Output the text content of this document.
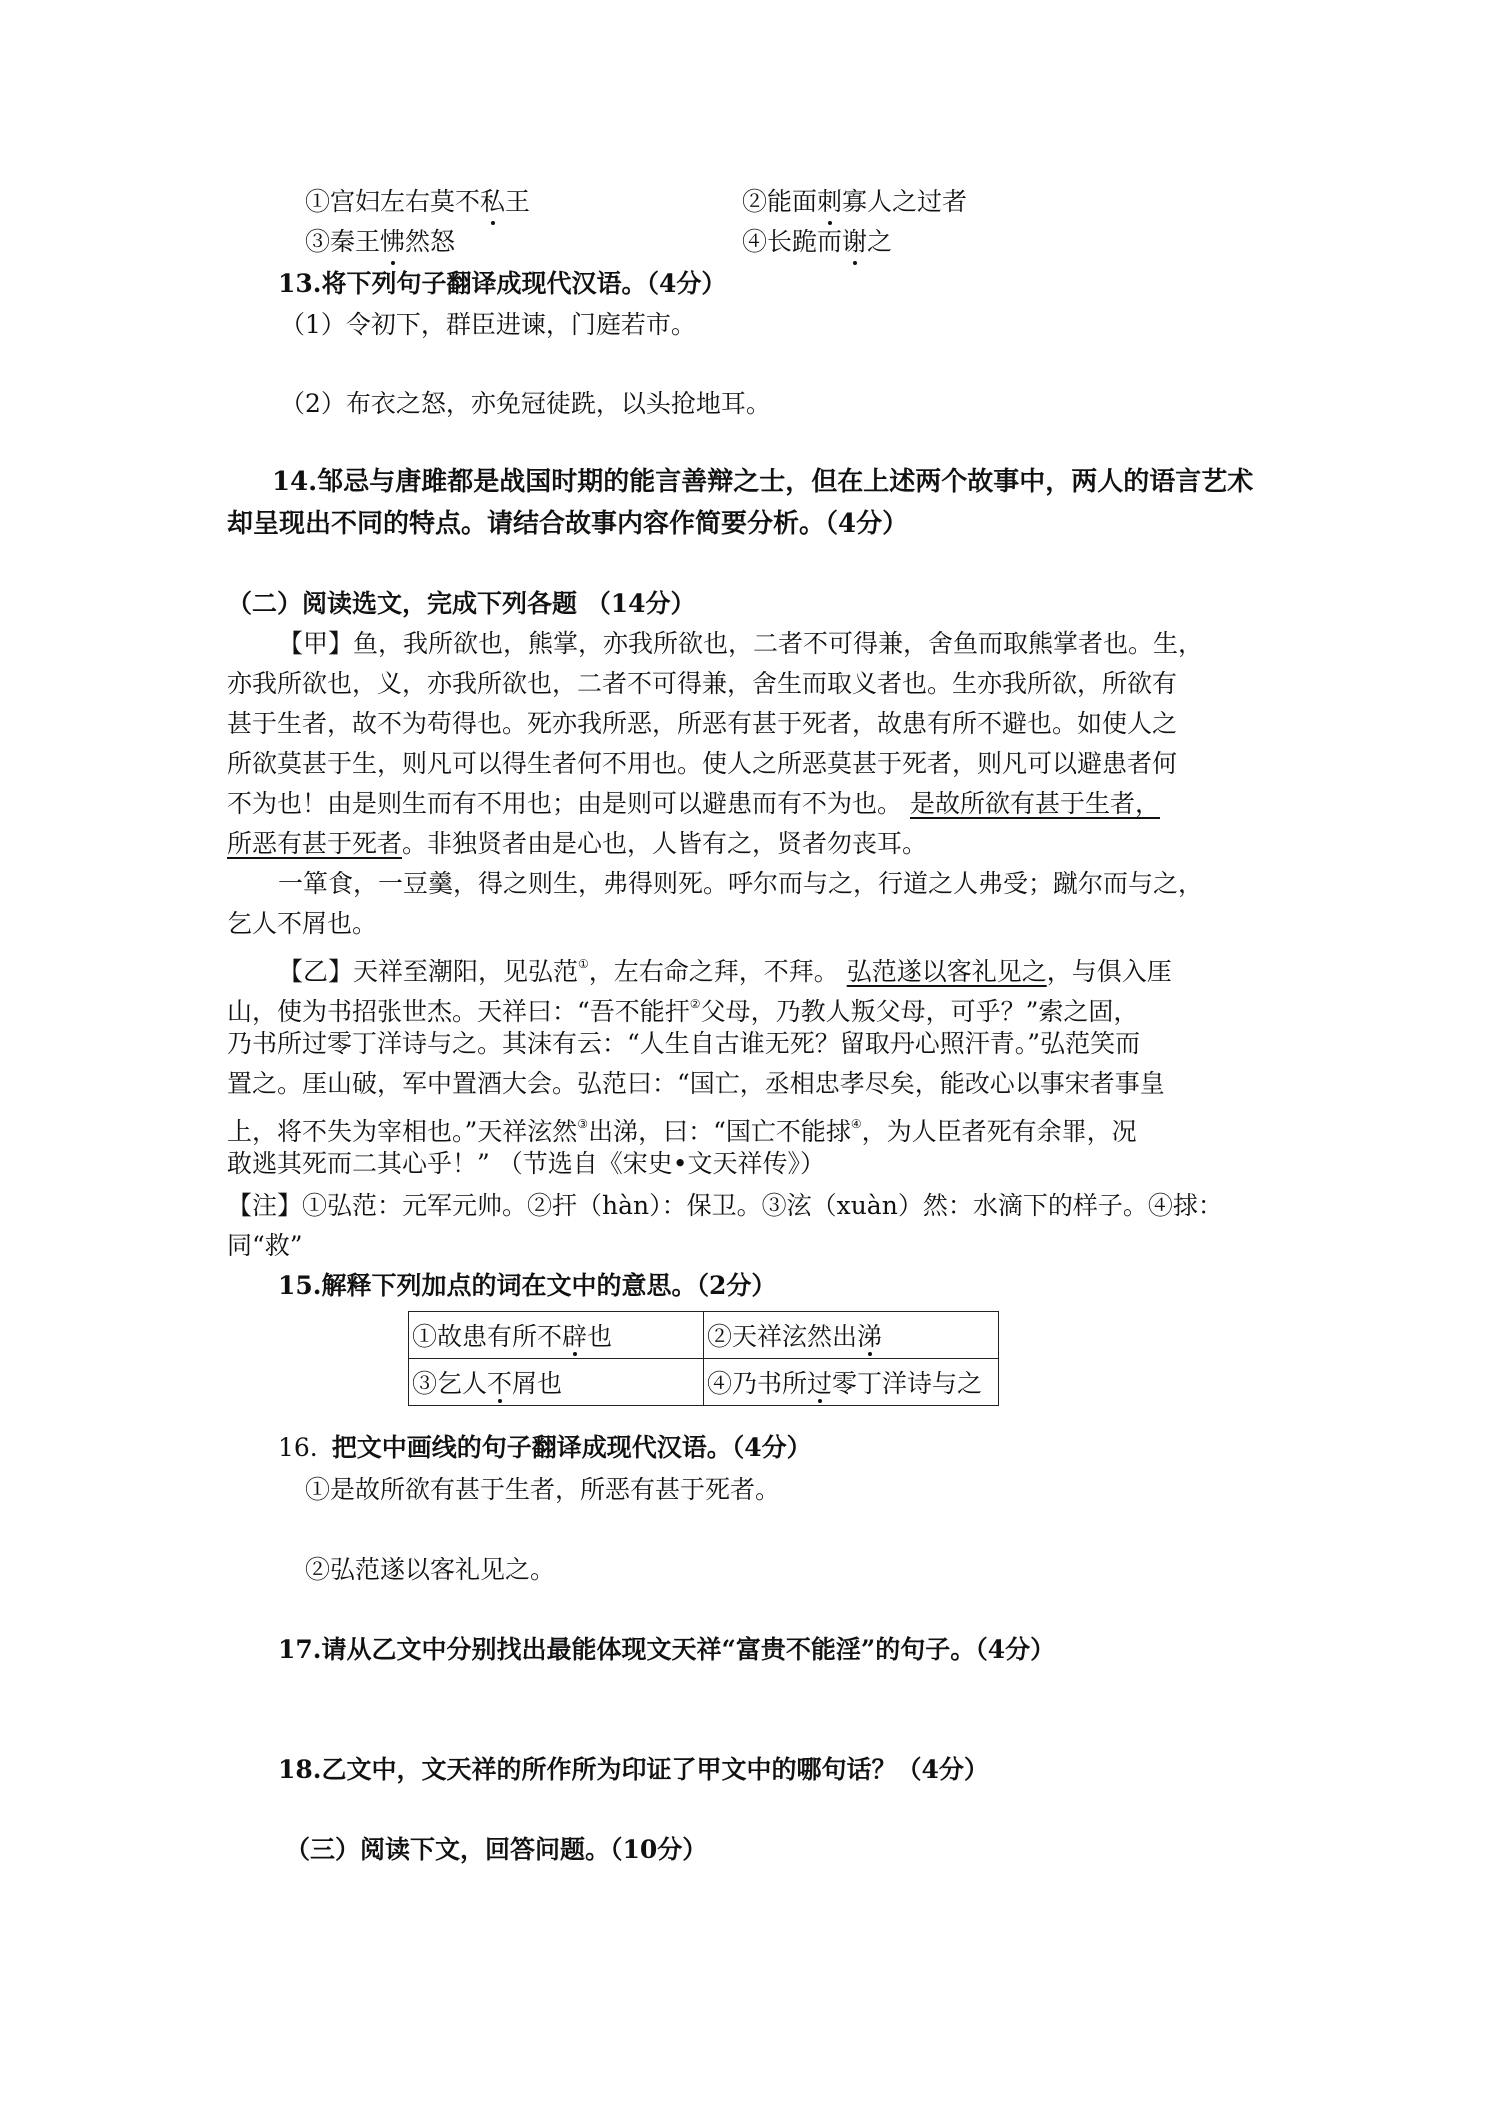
①宫妇左右莫不私王	②能面刺寡人之过者
③秦王怫然怒	④长跪而谢之
13.将下列句子翻译成现代汉语。（4分）
（1）令初下，群臣进谏，门庭若市。
（2）布衣之怒，亦免冠徒跣，以头抢地耳。
14.邹忌与唐雎都是战国时期的能言善辩之士，但在上述两个故事中，两人的语言艺术
却呈现出不同的特点。请结合故事内容作简要分析。（4分）
（二）阅读选文，完成下列各题 （14分）
【甲】鱼，我所欲也，熊掌，亦我所欲也，二者不可得兼，舍鱼而取熊掌者也。生，
亦我所欲也，义，亦我所欲也，二者不可得兼，舍生而取义者也。生亦我所欲，所欲有
甚于生者，故不为苟得也。死亦我所恶，所恶有甚于死者，故患有所不避也。如使人之
所欲莫甚于生，则凡可以得生者何不用也。使人之所恶莫甚于死者，则凡可以避患者何
不为也！由是则生而有不用也；由是则可以避患而有不为也。 是故所欲有甚于生者，
所恶有甚于死者。非独贤者由是心也，人皆有之，贤者勿丧耳。
一箪食，一豆羹，得之则生，弗得则死。呼尔而与之，行道之人弗受；蹴尔而与之，
乞人不屑也。
【乙】天祥至潮阳，见弘范①，左右命之拜，不拜。 弘范遂以客礼见之，与俱入厓
山，使为书招张世杰。天祥曰：“吾不能扞②父母，乃教人叛父母，可乎？”索之固，
乃书所过零丁洋诗与之。其沫有云：“人生自古谁无死？留取丹心照汗青。”弘范笑而
置之。厓山破，军中置酒大会。弘范曰：“国亡，丞相忠孝尽矣，能改心以事宋者事皇
上，将不失为宰相也。”天祥泫然③出涕，曰：“国亡不能捄④，为人臣者死有余罪，况
敢逃其死而二其心乎！” （节选自《宋史•文天祥传》）
【注】①弘范：元军元帅。②扞（hàn）：保卫。③泫（xuàn）然：水滴下的样子。④捄：
同“救”
15.解释下列加点的词在文中的意思。（2分）
①故患有所不辟也	②天祥泫然出涕
③乞人不屑也	④乃书所过零丁洋诗与之
16. 把文中画线的句子翻译成现代汉语。（4分）
①是故所欲有甚于生者，所恶有甚于死者。
②弘范遂以客礼见之。
17.请从乙文中分别找出最能体现文天祥“富贵不能淫”的句子。（4分）
18.乙文中，文天祥的所作所为印证了甲文中的哪句话？（4分）
（三）阅读下文，回答问题。（10分）
